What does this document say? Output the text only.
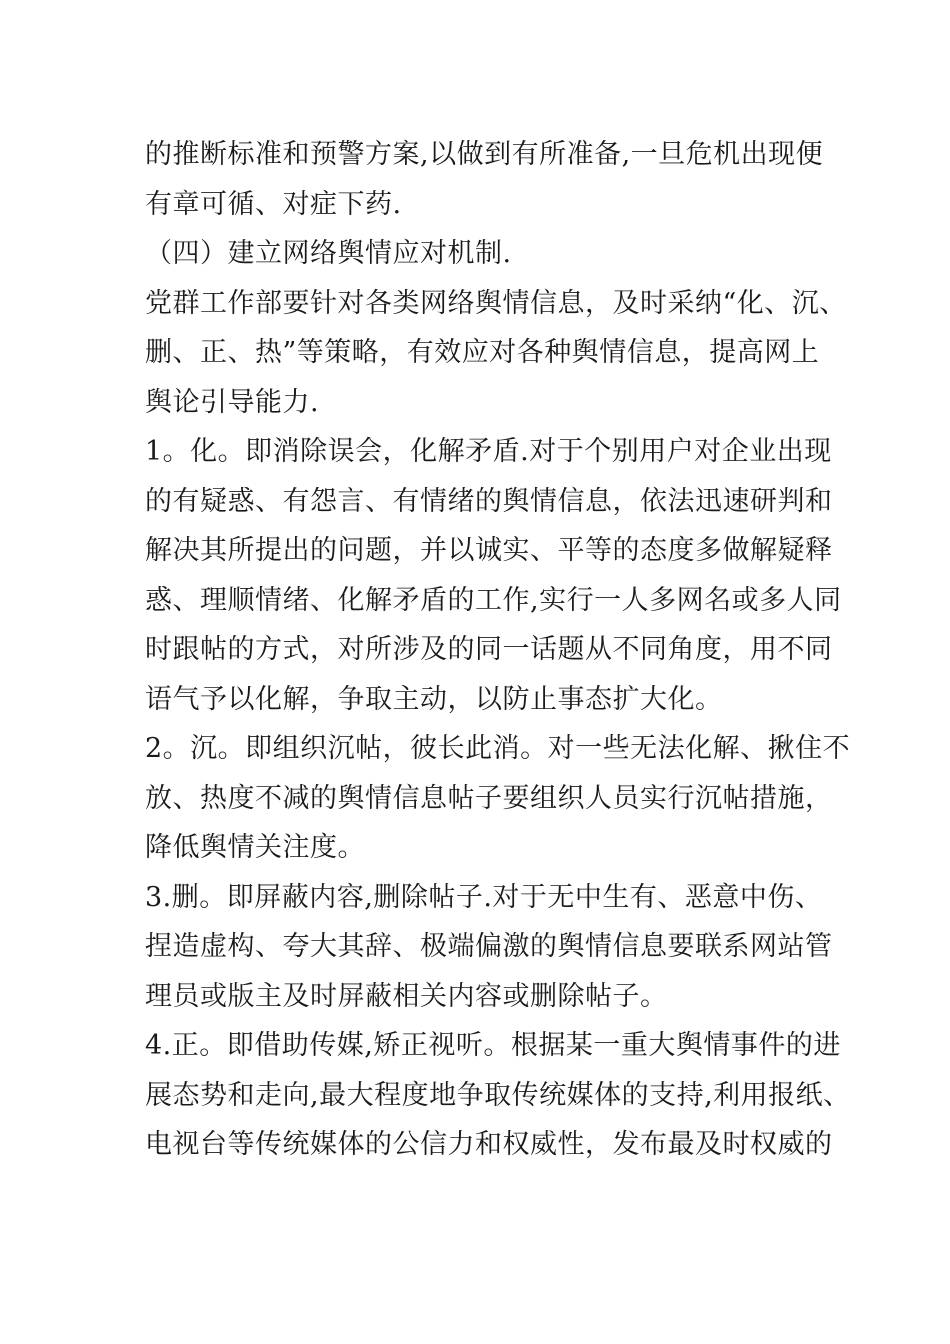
的推断标准和预警方案,以做到有所准备,一旦危机出现便
有章可循、对症下药.
（四）建立网络舆情应对机制.
党群工作部要针对各类网络舆情信息，及时采纳“化、沉、
删、正、热”等策略，有效应对各种舆情信息，提高网上
舆论引导能力.
1。化。即消除误会，化解矛盾.对于个别用户对企业出现
的有疑惑、有怨言、有情绪的舆情信息，依法迅速研判和
解决其所提出的问题，并以诚实、平等的态度多做解疑释
惑、理顺情绪、化解矛盾的工作,实行一人多网名或多人同
时跟帖的方式，对所涉及的同一话题从不同角度，用不同
语气予以化解，争取主动，以防止事态扩大化。
2。沉。即组织沉帖，彼长此消。对一些无法化解、揪住不
放、热度不减的舆情信息帖子要组织人员实行沉帖措施，
降低舆情关注度。
3.删。即屏蔽内容,删除帖子.对于无中生有、恶意中伤、
捏造虚构、夸大其辞、极端偏激的舆情信息要联系网站管
理员或版主及时屏蔽相关内容或删除帖子。
4.正。即借助传媒,矫正视听。根据某一重大舆情事件的进
展态势和走向,最大程度地争取传统媒体的支持,利用报纸、
电视台等传统媒体的公信力和权威性，发布最及时权威的
